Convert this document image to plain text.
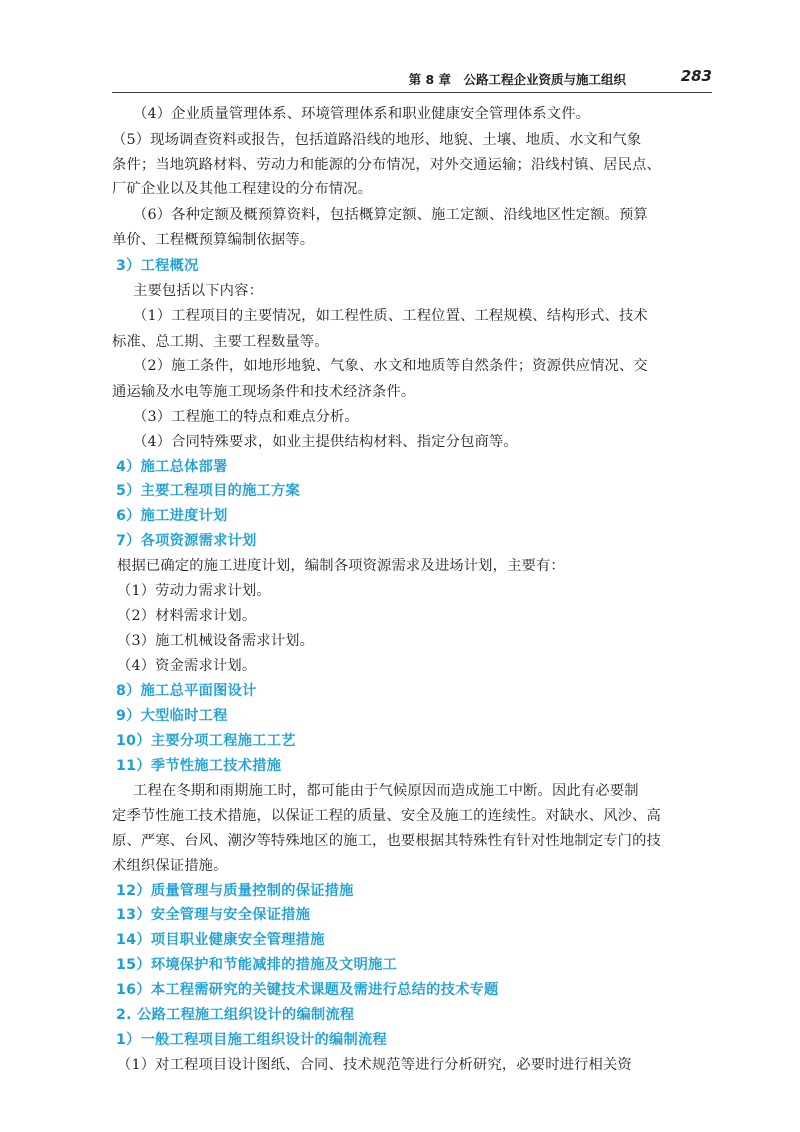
第 8 章　公路工程企业资质与施工组织	283
（4）企业质量管理体系、环境管理体系和职业健康安全管理体系文件。
（5）现场调查资料或报告，包括道路沿线的地形、地貌、土壤、地质、水文和气象
条件；当地筑路材料、劳动力和能源的分布情况，对外交通运输；沿线村镇、居民点、
厂矿企业以及其他工程建设的分布情况。
（6）各种定额及概预算资料，包括概算定额、施工定额、沿线地区性定额。预算
单价、工程概预算编制依据等。
3）工程概况
主要包括以下内容：
（1）工程项目的主要情况，如工程性质、工程位置、工程规模、结构形式、技术
标准、总工期、主要工程数量等。
（2）施工条件，如地形地貌、气象、水文和地质等自然条件；资源供应情况、交
通运输及水电等施工现场条件和技术经济条件。
（3）工程施工的特点和难点分析。
（4）合同特殊要求，如业主提供结构材料、指定分包商等。
4）施工总体部署
5）主要工程项目的施工方案
6）施工进度计划
7）各项资源需求计划
根据已确定的施工进度计划，编制各项资源需求及进场计划，主要有：
（1）劳动力需求计划。
（2）材料需求计划。
（3）施工机械设备需求计划。
（4）资金需求计划。
8）施工总平面图设计
9）大型临时工程
10）主要分项工程施工工艺
11）季节性施工技术措施
工程在冬期和雨期施工时，都可能由于气候原因而造成施工中断。因此有必要制
定季节性施工技术措施，以保证工程的质量、安全及施工的连续性。对缺水、风沙、高
原、严寒、台风、潮汐等特殊地区的施工，也要根据其特殊性有针对性地制定专门的技
术组织保证措施。
12）质量管理与质量控制的保证措施
13）安全管理与安全保证措施
14）项目职业健康安全管理措施
15）环境保护和节能减排的措施及文明施工
16）本工程需研究的关键技术课题及需进行总结的技术专题
2. 公路工程施工组织设计的编制流程
1）一般工程项目施工组织设计的编制流程
（1）对工程项目设计图纸、合同、技术规范等进行分析研究，必要时进行相关资
